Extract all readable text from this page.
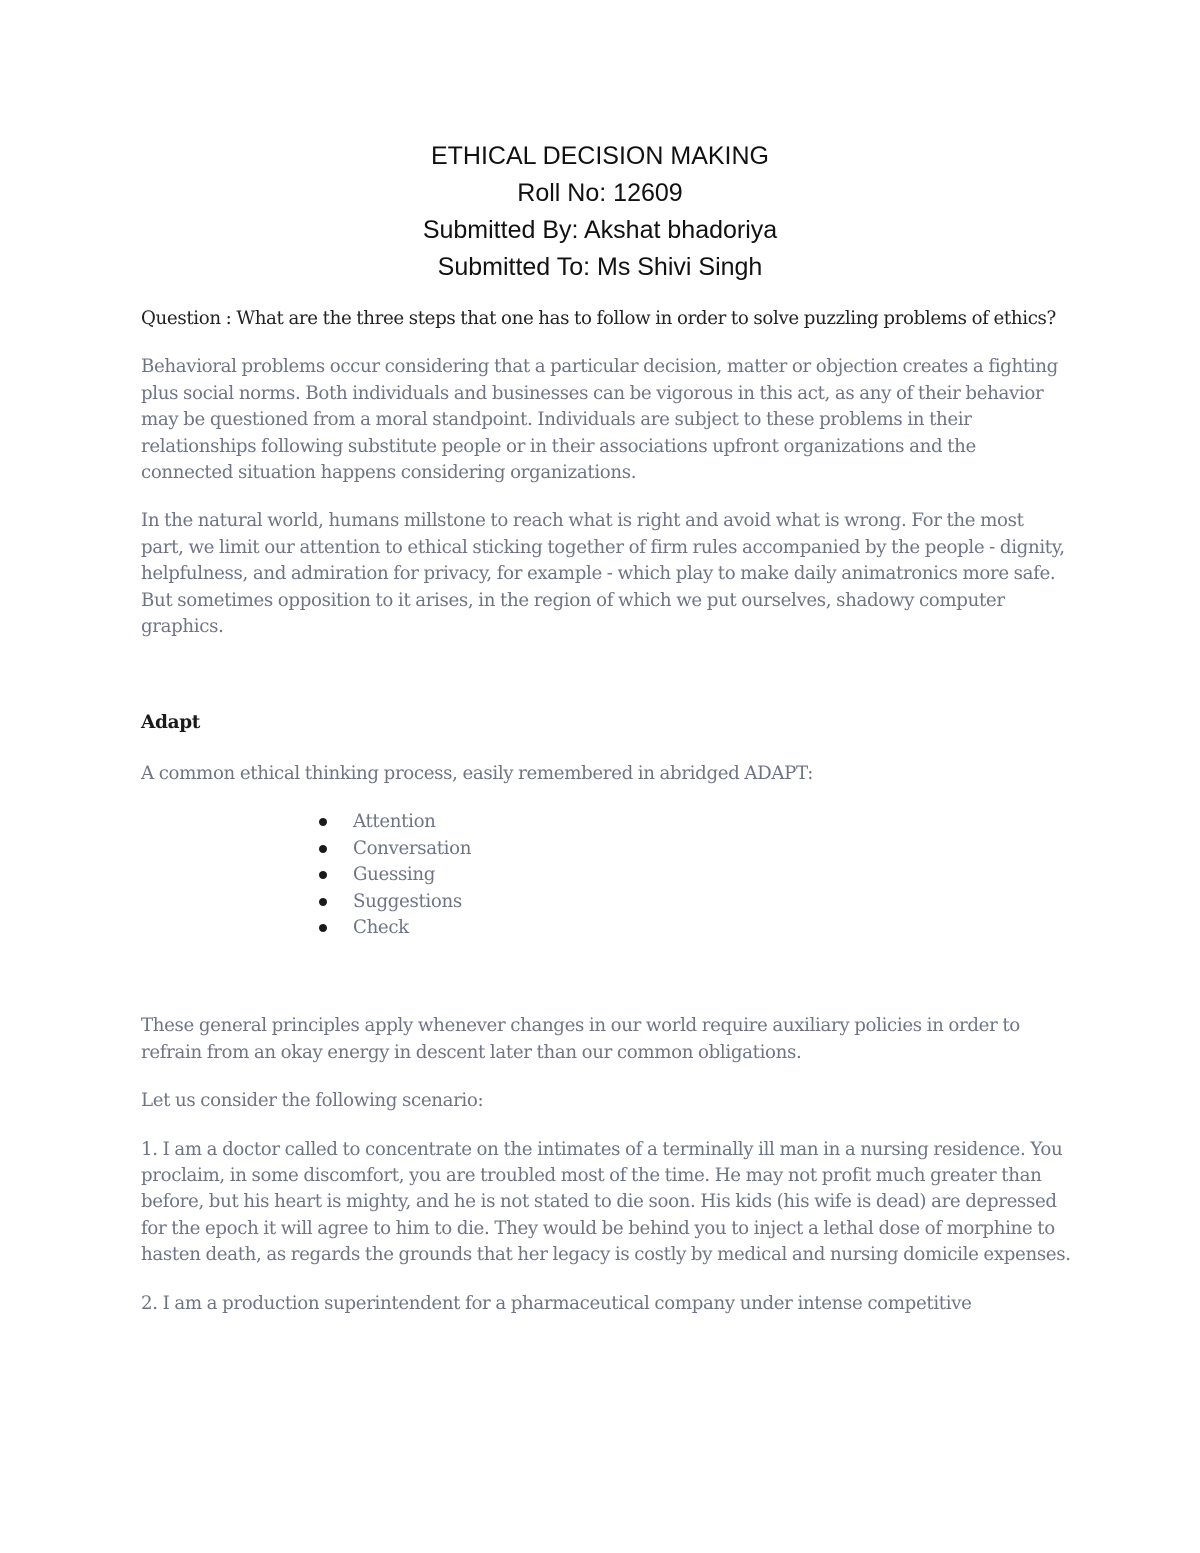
ETHICAL DECISION MAKING
Roll No: 12609
Submitted By: Akshat bhadoriya
Submitted To: Ms Shivi Singh

Question : What are the three steps that one has to follow in order to solve puzzling problems of ethics?

Behavioral problems occur considering that a particular decision, matter or objection creates a fighting plus social norms. Both individuals and businesses can be vigorous in this act, as any of their behavior may be questioned from a moral standpoint. Individuals are subject to these problems in their relationships following substitute people or in their associations upfront organizations and the connected situation happens considering organizations.

In the natural world, humans millstone to reach what is right and avoid what is wrong. For the most part, we limit our attention to ethical sticking together of firm rules accompanied by the people - dignity, helpfulness, and admiration for privacy, for example - which play to make daily animatronics more safe. But sometimes opposition to it arises, in the region of which we put ourselves, shadowy computer graphics.

Adapt

A common ethical thinking process, easily remembered in abridged ADAPT:

Attention
Conversation
Guessing
Suggestions
Check

These general principles apply whenever changes in our world require auxiliary policies in order to refrain from an okay energy in descent later than our common obligations.

Let us consider the following scenario:

1. I am a doctor called to concentrate on the intimates of a terminally ill man in a nursing residence. You proclaim, in some discomfort, you are troubled most of the time. He may not profit much greater than before, but his heart is mighty, and he is not stated to die soon. His kids (his wife is dead) are depressed for the epoch it will agree to him to die. They would be behind you to inject a lethal dose of morphine to hasten death, as regards the grounds that her legacy is costly by medical and nursing domicile expenses.

2. I am a production superintendent for a pharmaceutical company under intense competitive
